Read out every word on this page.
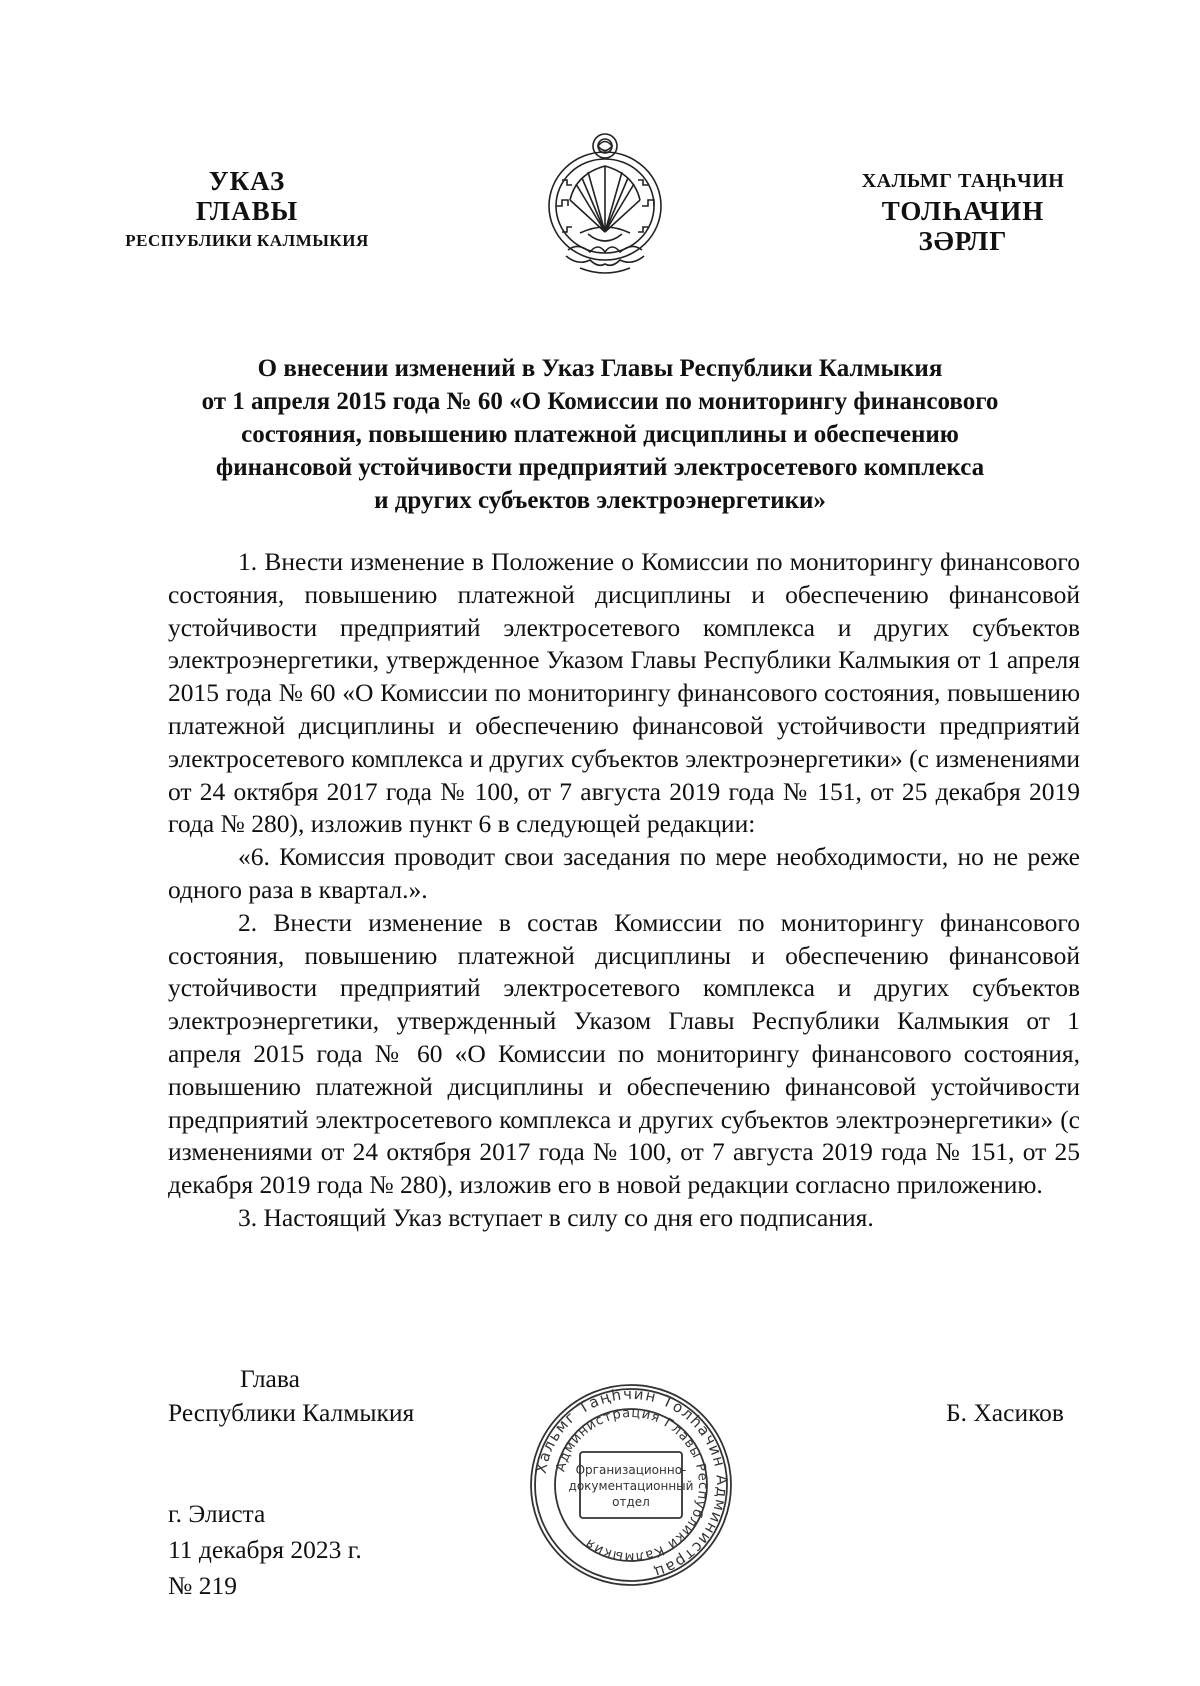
УКАЗ
ГЛАВЫ
РЕСПУБЛИКИ КАЛМЫКИЯ
ХАЛЬМГ ТАҢҺЧИН
ТОЛҺАЧИН
ЗӘРЛГ
О внесении изменений в Указ Главы Республики Калмыкия
от 1 апреля 2015 года № 60 «О Комиссии по мониторингу финансового
состояния, повышению платежной дисциплины и обеспечению
финансовой устойчивости предприятий электросетевого комплекса
и других субъектов электроэнергетики»

1. Внести изменение в Положение о Комиссии по мониторингу финансового состояния, повышению платежной дисциплины и обеспечению финансовой устойчивости предприятий электросетевого комплекса и других субъектов электроэнергетики, утвержденное Указом Главы Республики Калмыкия от 1 апреля 2015 года № 60 «О Комиссии по мониторингу финансового состояния, повышению платежной дисциплины и обеспечению финансовой устойчивости предприятий электросетевого комплекса и других субъектов электроэнергетики» (с изменениями от 24 октября 2017 года № 100, от 7 августа 2019 года № 151, от 25 декабря 2019 года № 280), изложив пункт 6 в следующей редакции:

«6. Комиссия проводит свои заседания по мере необходимости, но не реже одного раза в квартал.».

2. Внести изменение в состав Комиссии по мониторингу финансового состояния, повышению платежной дисциплины и обеспечению финансовой устойчивости предприятий электросетевого комплекса и других субъектов электроэнергетики, утвержденный Указом Главы Республики Калмыкия от 1 апреля 2015 года № 60 «О Комиссии по мониторингу финансового состояния, повышению платежной дисциплины и обеспечению финансовой устойчивости предприятий электросетевого комплекса и других субъектов электроэнергетики» (с изменениями от 24 октября 2017 года № 100, от 7 августа 2019 года № 151, от 25 декабря 2019 года № 280), изложив его в новой редакции согласно приложению.

3. Настоящий Указ вступает в силу со дня его подписания.

Глава
Республики Калмыкия	Б. Хасиков
Хальмг Таңһчин Толһачин Администрац
Администрация Главы Республики Калмыкия
Организационно-
документационный
отдел
г. Элиста
11 декабря 2023 г.
№ 219
